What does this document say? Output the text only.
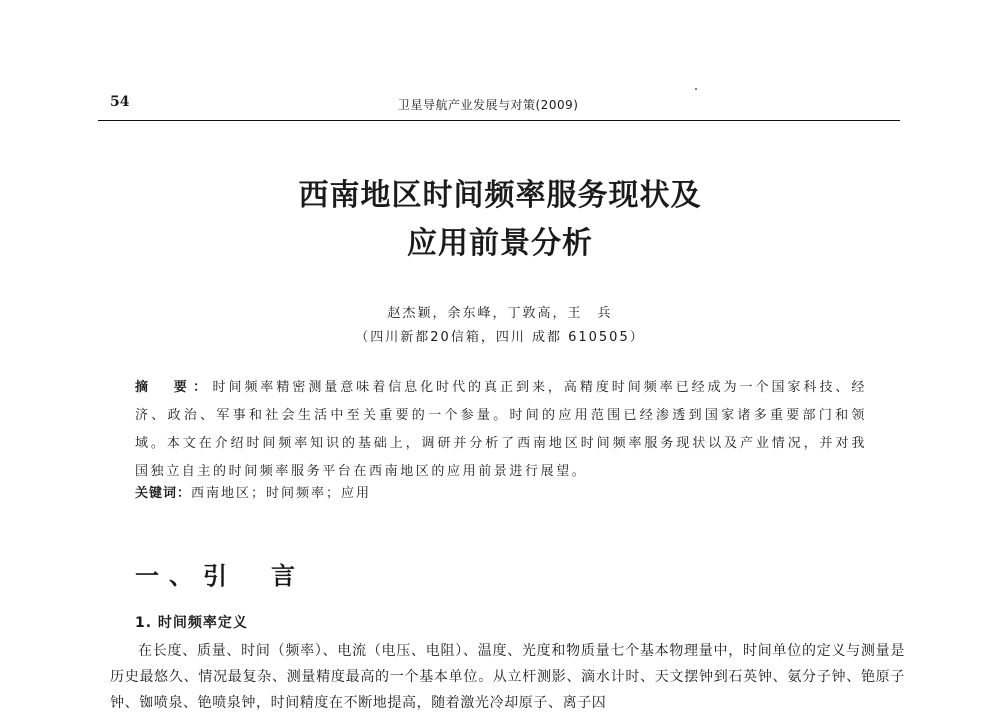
54	卫星导航产业发展与对策(2009)
西南地区时间频率服务现状及
应用前景分析
赵杰颖，余东峰，丁敦高，王　兵
（四川新都20信箱，四川 成都 610505）
摘　要：时间频率精密测量意味着信息化时代的真正到来，高精度时间频率已经成为一个国家科技、经济、政治、军事和社会生活中至关重要的一个参量。时间的应用范围已经渗透到国家诸多重要部门和领域。本文在介绍时间频率知识的基础上，调研并分析了西南地区时间频率服务现状以及产业情况，并对我国独立自主的时间频率服务平台在西南地区的应用前景进行展望。
关键词：西南地区；时间频率；应用
一、引　言
1. 时间频率定义
在长度、质量、时间（频率）、电流（电压、电阻）、温度、光度和物质量七个基本物理量中，时间单位的定义与测量是历史最悠久、情况最复杂、测量精度最高的一个基本单位。从立杆测影、滴水计时、天文摆钟到石英钟、氨分子钟、铯原子钟、铷喷泉、铯喷泉钟，时间精度在不断地提高，随着激光冷却原子、离子囚
